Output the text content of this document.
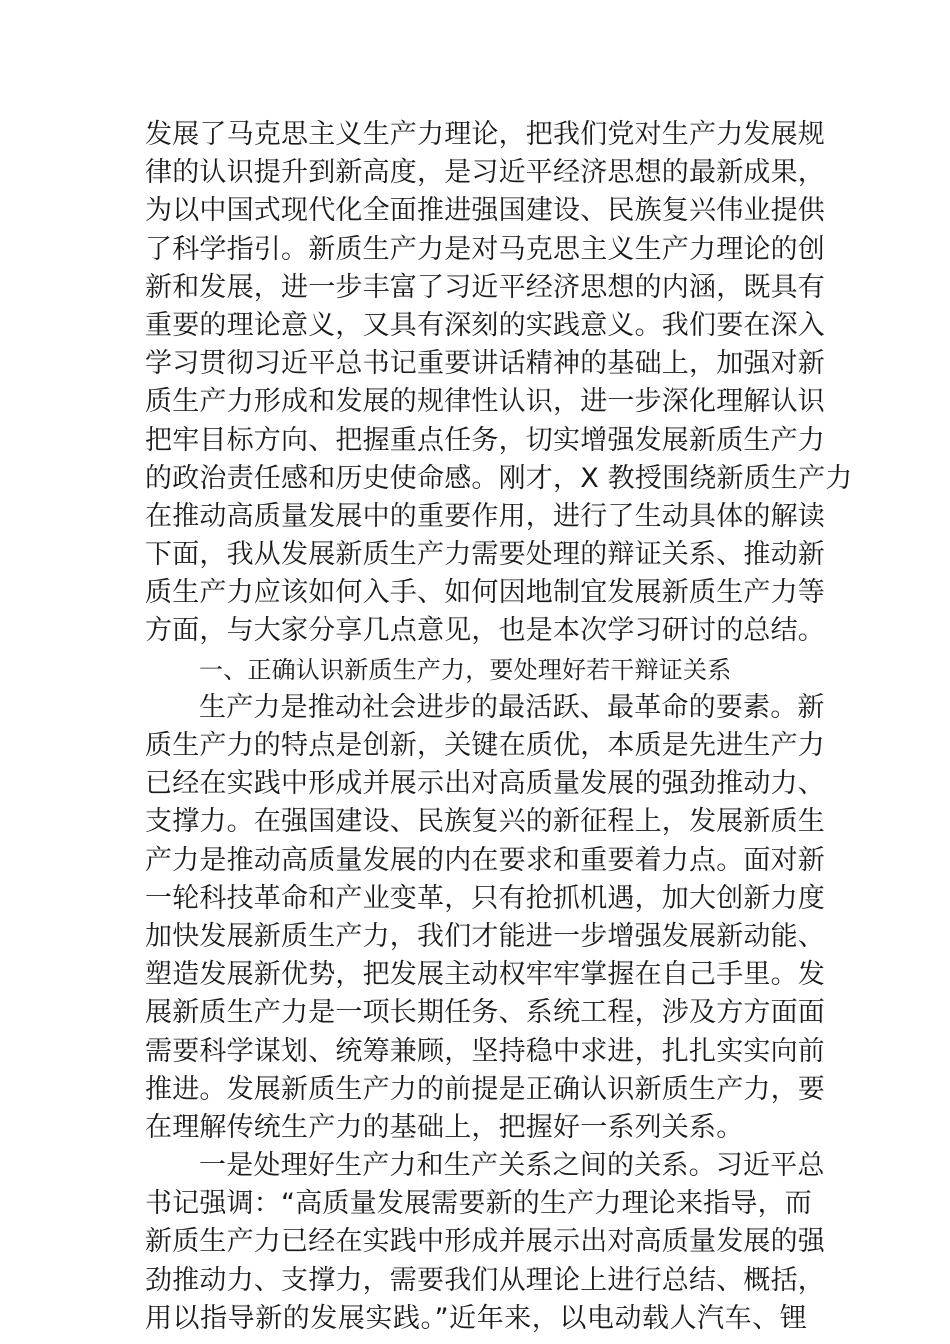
发展了马克思主义生产力理论，把我们党对生产力发展规
律的认识提升到新高度，是习近平经济思想的最新成果，
为以中国式现代化全面推进强国建设、民族复兴伟业提供
了科学指引。新质生产力是对马克思主义生产力理论的创
新和发展，进一步丰富了习近平经济思想的内涵，既具有
重要的理论意义，又具有深刻的实践意义。我们要在深入
学习贯彻习近平总书记重要讲话精神的基础上，加强对新
质生产力形成和发展的规律性认识，进一步深化理解认识
把牢目标方向、把握重点任务，切实增强发展新质生产力
的政治责任感和历史使命感。刚才，X 教授围绕新质生产力
在推动高质量发展中的重要作用，进行了生动具体的解读
下面，我从发展新质生产力需要处理的辩证关系、推动新
质生产力应该如何入手、如何因地制宜发展新质生产力等
方面，与大家分享几点意见，也是本次学习研讨的总结。
一、正确认识新质生产力，要处理好若干辩证关系
生产力是推动社会进步的最活跃、最革命的要素。新
质生产力的特点是创新，关键在质优，本质是先进生产力
已经在实践中形成并展示出对高质量发展的强劲推动力、
支撑力。在强国建设、民族复兴的新征程上，发展新质生
产力是推动高质量发展的内在要求和重要着力点。面对新
一轮科技革命和产业变革，只有抢抓机遇，加大创新力度
加快发展新质生产力，我们才能进一步增强发展新动能、
塑造发展新优势，把发展主动权牢牢掌握在自己手里。发
展新质生产力是一项长期任务、系统工程，涉及方方面面
需要科学谋划、统筹兼顾，坚持稳中求进，扎扎实实向前
推进。发展新质生产力的前提是正确认识新质生产力，要
在理解传统生产力的基础上，把握好一系列关系。
一是处理好生产力和生产关系之间的关系。习近平总
书记强调：“高质量发展需要新的生产力理论来指导，而
新质生产力已经在实践中形成并展示出对高质量发展的强
劲推动力、支撑力，需要我们从理论上进行总结、概括，
用以指导新的发展实践。”近年来，以电动载人汽车、锂
